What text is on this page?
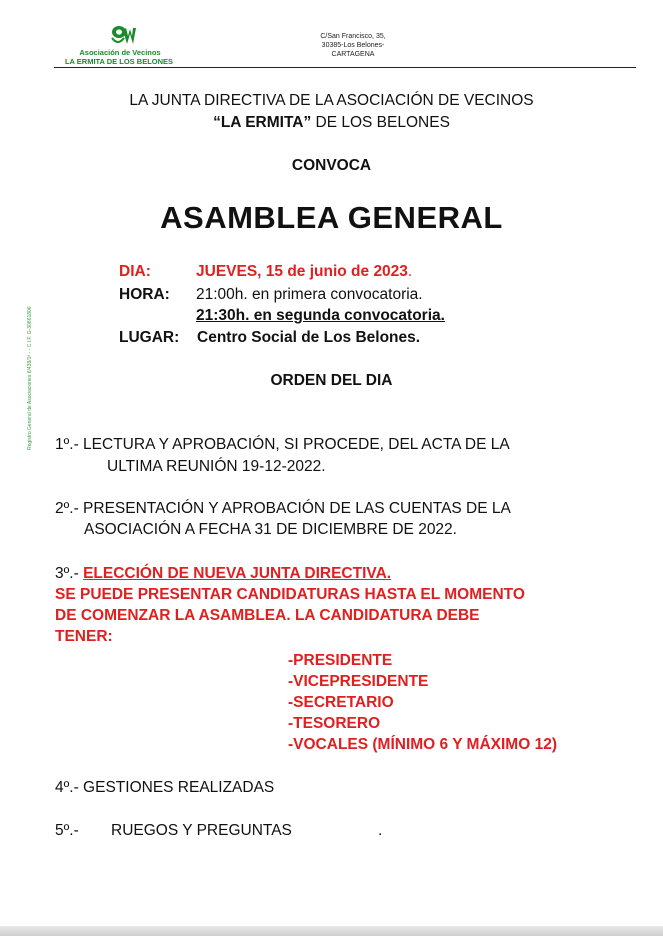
Asociación de Vecinos
LA ERMITA DE LOS BELONES
C/San Francisco, 35,
30385-Los Belones-
CARTAGENA
Registro General de Asociaciones 6/438/1ª - - C.I.F. G-30861806
LA JUNTA DIRECTIVA DE LA ASOCIACIÓN DE VECINOS
“LA ERMITA” DE LOS BELONES
CONVOCA
ASAMBLEA GENERAL
DIA:	JUEVES, 15 de junio de 2023.
HORA: 21:00h. en primera convocatoria.
21:30h. en segunda convocatoria.
LUGAR: Centro Social de Los Belones.
ORDEN DEL DIA
1º.- LECTURA Y APROBACIÓN, SI PROCEDE, DEL ACTA DE LA
ULTIMA REUNIÓN 19-12-2022.
2º.- PRESENTACIÓN Y APROBACIÓN DE LAS CUENTAS DE LA
ASOCIACIÓN A FECHA 31 DE DICIEMBRE DE 2022.
3º.- ELECCIÓN DE NUEVA JUNTA DIRECTIVA.
SE PUEDE PRESENTAR CANDIDATURAS HASTA EL MOMENTO
DE COMENZAR LA ASAMBLEA. LA CANDIDATURA DEBE
TENER:
-PRESIDENTE
-VICEPRESIDENTE
-SECRETARIO
-TESORERO
-VOCALES (MÍNIMO 6 Y MÁXIMO 12)
4º.- GESTIONES REALIZADAS
5º.- RUEGOS Y PREGUNTAS	.
